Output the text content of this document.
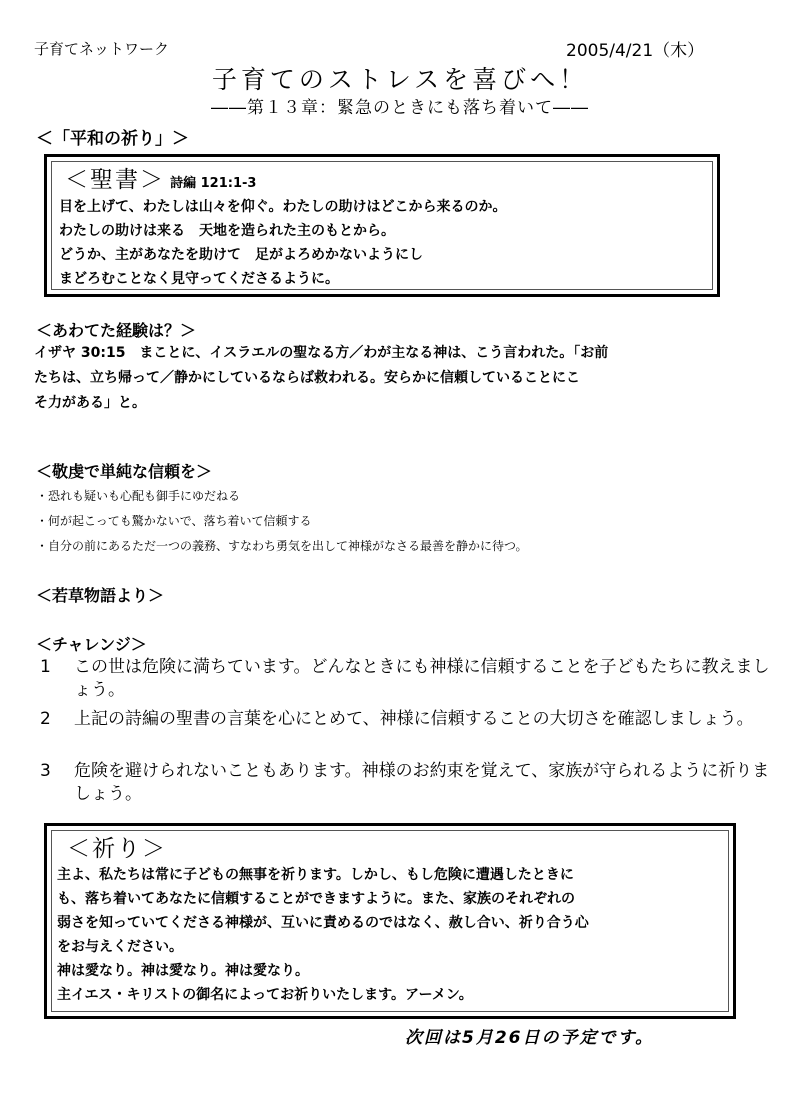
子育てネットワーク	2005/4/21（木）
子育てのストレスを喜びへ！
――第１３章：緊急のときにも落ち着いて――
＜「平和の祈り」＞
＜聖書＞ 詩編 121:1-3
目を上げて、わたしは山々を仰ぐ。わたしの助けはどこから来るのか。
わたしの助けは来る　天地を造られた主のもとから。
どうか、主があなたを助けて　足がよろめかないようにし
まどろむことなく見守ってくださるように。
＜あわてた経験は？＞
イザヤ 30:15　まことに、イスラエルの聖なる方／わが主なる神は、こう言われた。「お前
たちは、立ち帰って／静かにしているならば救われる。安らかに信頼していることにこ
そ力がある」と。
＜敬虔で単純な信頼を＞
・恐れも疑いも心配も御手にゆだねる
・何が起こっても驚かないで、落ち着いて信頼する
・自分の前にあるただ一つの義務、すなわち勇気を出して神様がなさる最善を静かに待つ。
＜若草物語より＞
＜チャレンジ＞
1 この世は危険に満ちています。どんなときにも神様に信頼することを子どもたちに教えましょう。
2 上記の詩編の聖書の言葉を心にとめて、神様に信頼することの大切さを確認しましょう。
3 危険を避けられないこともあります。神様のお約束を覚えて、家族が守られるように祈りましょう。
＜祈り＞
主よ、私たちは常に子どもの無事を祈ります。しかし、もし危険に遭遇したときに
も、落ち着いてあなたに信頼することができますように。また、家族のそれぞれの
弱さを知っていてくださる神様が、互いに責めるのではなく、赦し合い、祈り合う心
をお与えください。
神は愛なり。神は愛なり。神は愛なり。
主イエス・キリストの御名によってお祈りいたします。アーメン。
次回は5月26日の予定です。
